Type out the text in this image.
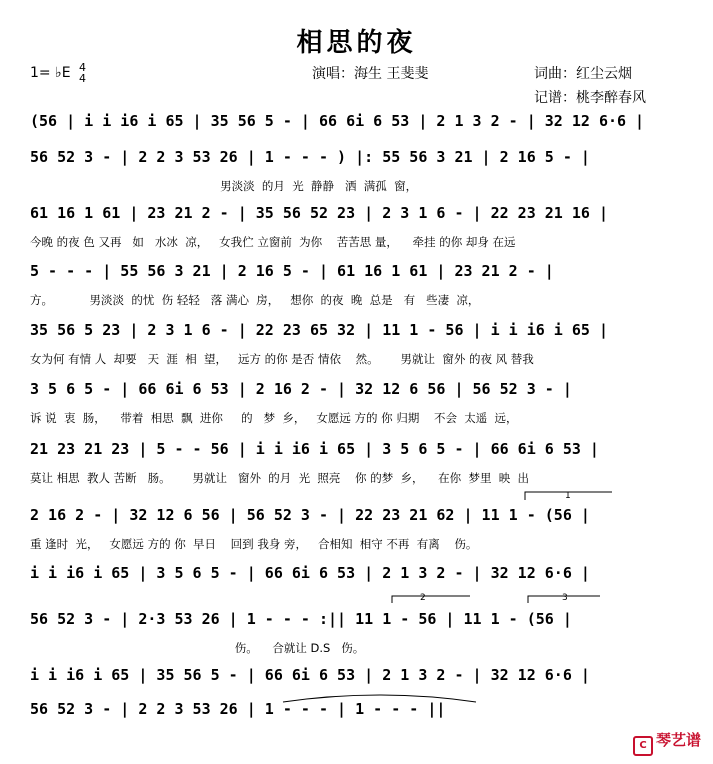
相思的夜
1= ♭E 4
4	演唱：海生 王斐斐	词曲：红尘云烟
记谱：桃李醉春风
(56 | i i i6 i 65 | 35 56 5 - | 66 6i 6 53 | 2 1 3 2 - | 32 12 6·6 |
56 52 3 - | 2 2 3 53 26 | 1 - - - ) |: 55 56 3 21 | 2 16 5 - |
男淡淡  的月  光  静静   洒  满孤  窗，
61 16 1 61 | 23 21 2 - | 35 56 52 23 | 2 3 1 6 - | 22 23 21 16 |
今晚 的夜 色 又再   如   水冰  凉，   女我伫 立窗前  为你    苦苦思 量，    牵挂 的你 却身 在远
5 - - - | 55 56 3 21 | 2 16 5 - | 61 16 1 61 | 23 21 2 - |
方。          男淡淡  的忧  伤 轻轻   落 满心  房，   想你  的夜  晚  总是   有   些凄  凉，
35 56 5 23 | 2 3 1 6 - | 22 23 65 32 | 11 1 - 56 | i i i6 i 65 |
女为何 有情 人  却要   天  涯  相  望，   远方 的你 是否 情依    然。      男就让  窗外 的夜 风 替我
3 5 6 5 - | 66 6i 6 53 | 2 16 2 - | 32 12 6 56 | 56 52 3 - |
诉 说  衷  肠，    带着  相思  飘  进你     的   梦  乡，   女愿远 方的 你 归期    不会  太遥  远，
21 23 21 23 | 5 - - 56 | i i i6 i 65 | 3 5 6 5 - | 66 6i 6 53 |
莫让 相思  教人 苦断   肠。      男就让   窗外  的月  光  照亮    你 的梦  乡，    在你  梦里  映  出
2 16 2 - | 32 12 6 56 | 56 52 3 - | 22 23 21 62 | 11 1 - (56 |
重 逢时  光，   女愿远 方的 你  早日    回到 我身 旁，   合相知  相守 不再  有离    伤。
i i i6 i 65 | 3 5 6 5 - | 66 6i 6 53 | 2 1 3 2 - | 32 12 6·6 |
56 52 3 - | 2·3 53 26 | 1 - - - :|| 11 1 - 56 | 11 1 - (56 |
伤。    合就让 D.S   伤。
i i i6 i 65 | 35 56 5 - | 66 6i 6 53 | 2 1 3 2 - | 32 12 6·6 |
56 52 3 - | 2 2 3 53 26 | 1 - - - | 1 - - - ||
1
2	3
C 琴艺谱
